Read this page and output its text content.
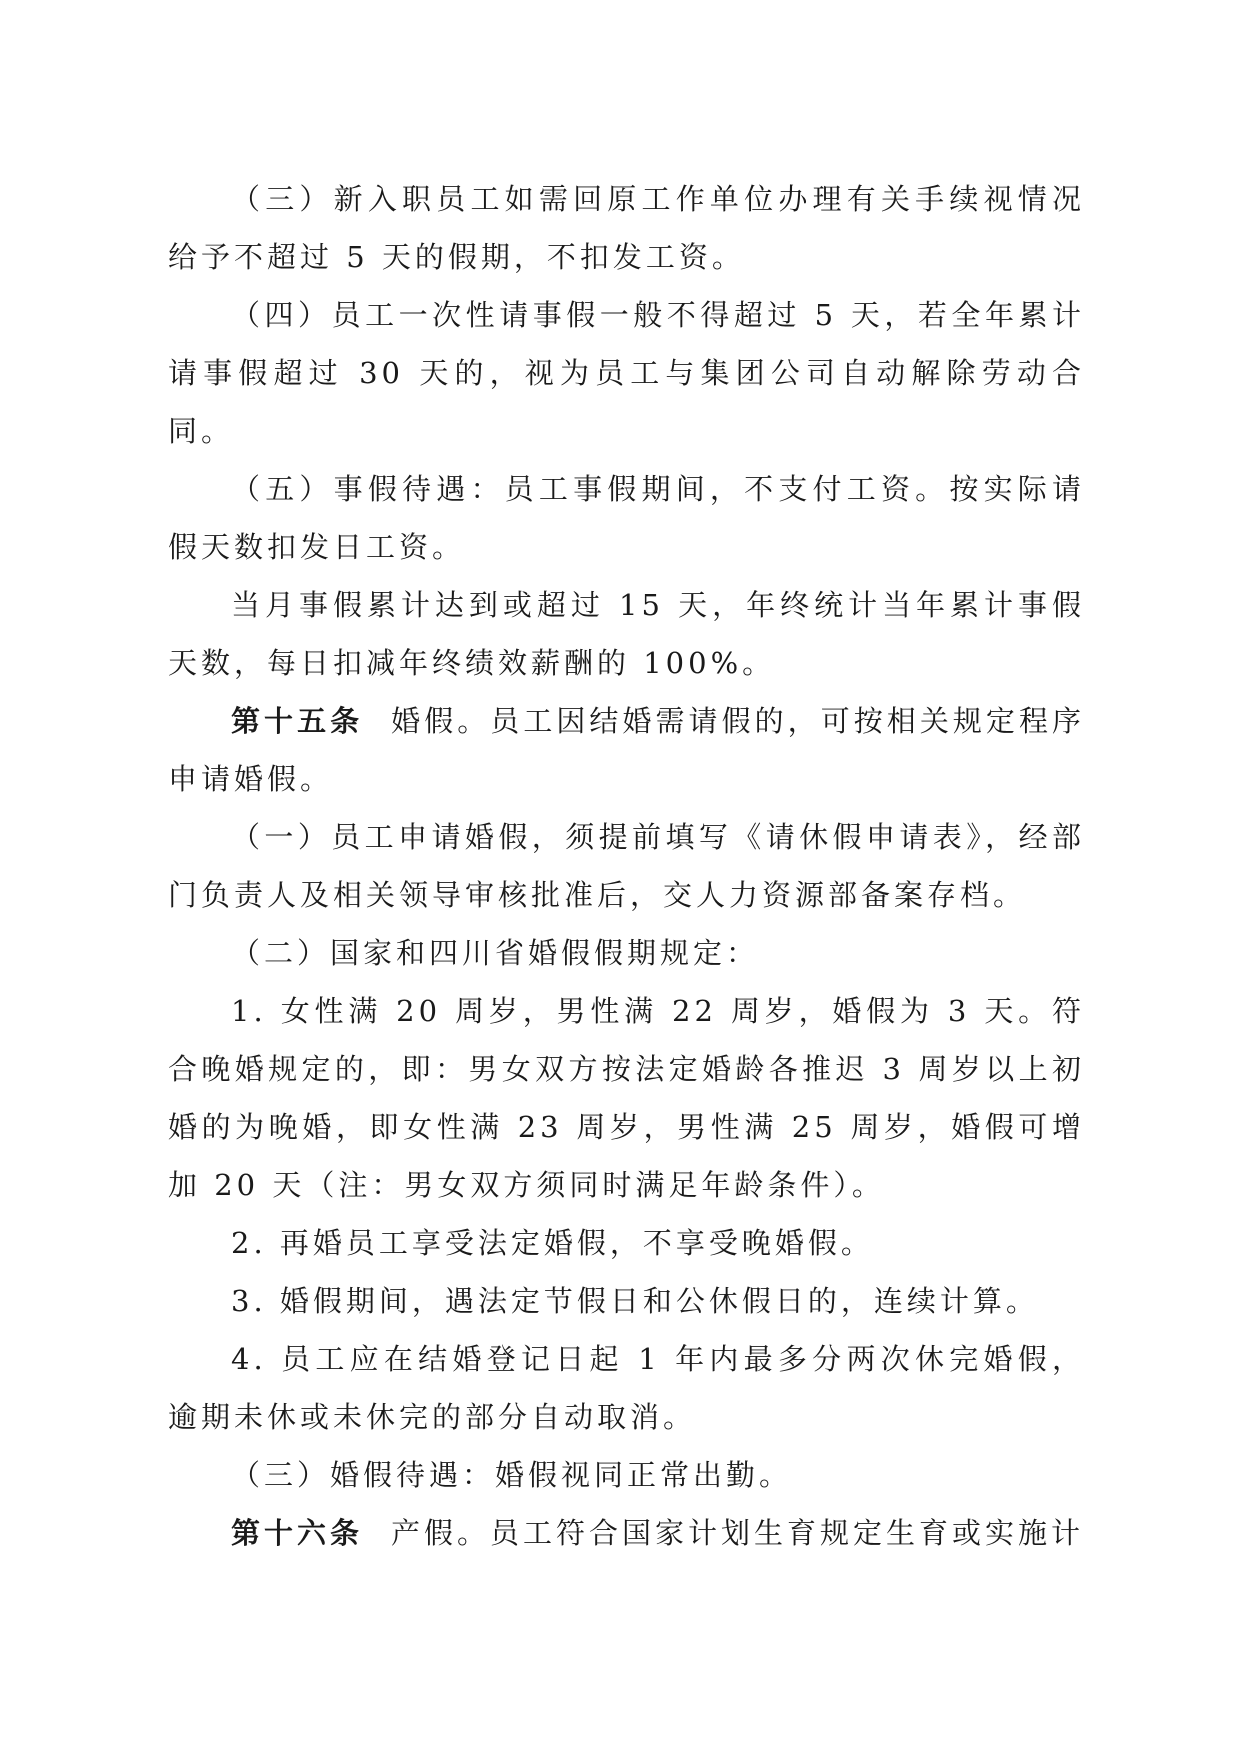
（三）新入职员工如需回原工作单位办理有关手续视情况给予不超过 5 天的假期，不扣发工资。

（四）员工一次性请事假一般不得超过 5 天，若全年累计请事假超过 30 天的，视为员工与集团公司自动解除劳动合同。

（五）事假待遇：员工事假期间，不支付工资。按实际请假天数扣发日工资。

当月事假累计达到或超过 15 天，年终统计当年累计事假天数，每日扣减年终绩效薪酬的 100%。

第十五条 婚假。员工因结婚需请假的，可按相关规定程序申请婚假。

（一）员工申请婚假，须提前填写《请休假申请表》，经部门负责人及相关领导审核批准后，交人力资源部备案存档。

（二）国家和四川省婚假假期规定：

1. 女性满 20 周岁，男性满 22 周岁，婚假为 3 天。符合晚婚规定的，即：男女双方按法定婚龄各推迟 3 周岁以上初婚的为晚婚，即女性满 23 周岁，男性满 25 周岁，婚假可增加 20 天（注：男女双方须同时满足年龄条件）。

2. 再婚员工享受法定婚假，不享受晚婚假。

3. 婚假期间，遇法定节假日和公休假日的，连续计算。

4. 员工应在结婚登记日起 1 年内最多分两次休完婚假，逾期未休或未休完的部分自动取消。

（三）婚假待遇：婚假视同正常出勤。

第十六条 产假。员工符合国家计划生育规定生育或实施计
